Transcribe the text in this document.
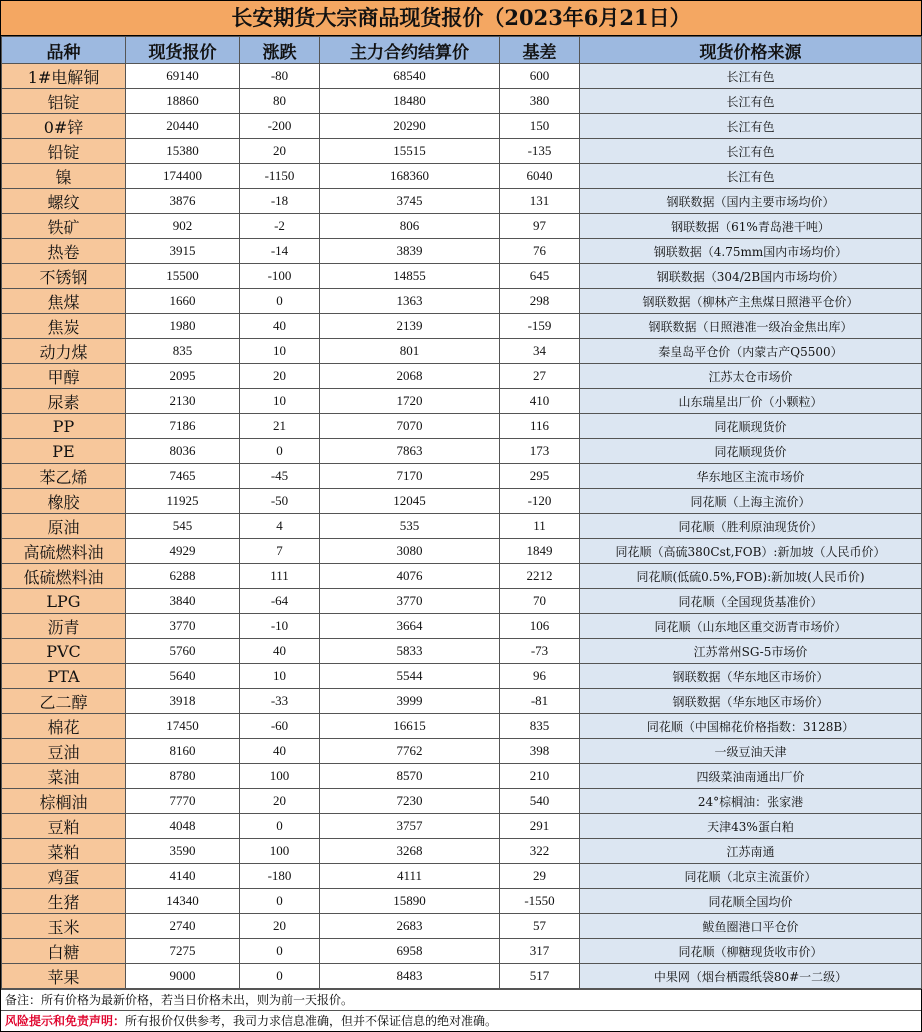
长安期货大宗商品现货报价（2023年6月21日）
品种	现货报价	涨跌	主力合约结算价	基差	现货价格来源
1#电解铜	69140	-80	68540	600	长江有色
铝锭	18860	80	18480	380	长江有色
0#锌	20440	-200	20290	150	长江有色
铅锭	15380	20	15515	-135	长江有色
镍	174400	-1150	168360	6040	长江有色
螺纹	3876	-18	3745	131	钢联数据（国内主要市场均价）
铁矿	902	-2	806	97	钢联数据（61%青岛港干吨）
热卷	3915	-14	3839	76	钢联数据（4.75mm国内市场均价）
不锈钢	15500	-100	14855	645	钢联数据（304/2B国内市场均价）
焦煤	1660	0	1363	298	钢联数据（柳林产主焦煤日照港平仓价）
焦炭	1980	40	2139	-159	钢联数据（日照港准一级冶金焦出库）
动力煤	835	10	801	34	秦皇岛平仓价（内蒙古产Q5500）
甲醇	2095	20	2068	27	江苏太仓市场价
尿素	2130	10	1720	410	山东瑞星出厂价（小颗粒）
PP	7186	21	7070	116	同花顺现货价
PE	8036	0	7863	173	同花顺现货价
苯乙烯	7465	-45	7170	295	华东地区主流市场价
橡胶	11925	-50	12045	-120	同花顺（上海主流价）
原油	545	4	535	11	同花顺（胜利原油现货价）
高硫燃料油	4929	7	3080	1849	同花顺（高硫380Cst,FOB）:新加坡（人民币价）
低硫燃料油	6288	111	4076	2212	同花顺(低硫0.5%,FOB):新加坡(人民币价)
LPG	3840	-64	3770	70	同花顺（全国现货基准价）
沥青	3770	-10	3664	106	同花顺（山东地区重交沥青市场价）
PVC	5760	40	5833	-73	江苏常州SG-5市场价
PTA	5640	10	5544	96	钢联数据（华东地区市场价）
乙二醇	3918	-33	3999	-81	钢联数据（华东地区市场价）
棉花	17450	-60	16615	835	同花顺（中国棉花价格指数：3128B）
豆油	8160	40	7762	398	一级豆油天津
菜油	8780	100	8570	210	四级菜油南通出厂价
棕榈油	7770	20	7230	540	24°棕榈油：张家港
豆粕	4048	0	3757	291	天津43%蛋白粕
菜粕	3590	100	3268	322	江苏南通
鸡蛋	4140	-180	4111	29	同花顺（北京主流蛋价）
生猪	14340	0	15890	-1550	同花顺全国均价
玉米	2740	20	2683	57	鲅鱼圈港口平仓价
白糖	7275	0	6958	317	同花顺（柳糖现货收市价）
苹果	9000	0	8483	517	中果网（烟台栖霞纸袋80#一二级）
备注：所有价格为最新价格，若当日价格未出，则为前一天报价。
风险提示和免责声明：所有报价仅供参考，我司力求信息准确，但并不保证信息的绝对准确。
